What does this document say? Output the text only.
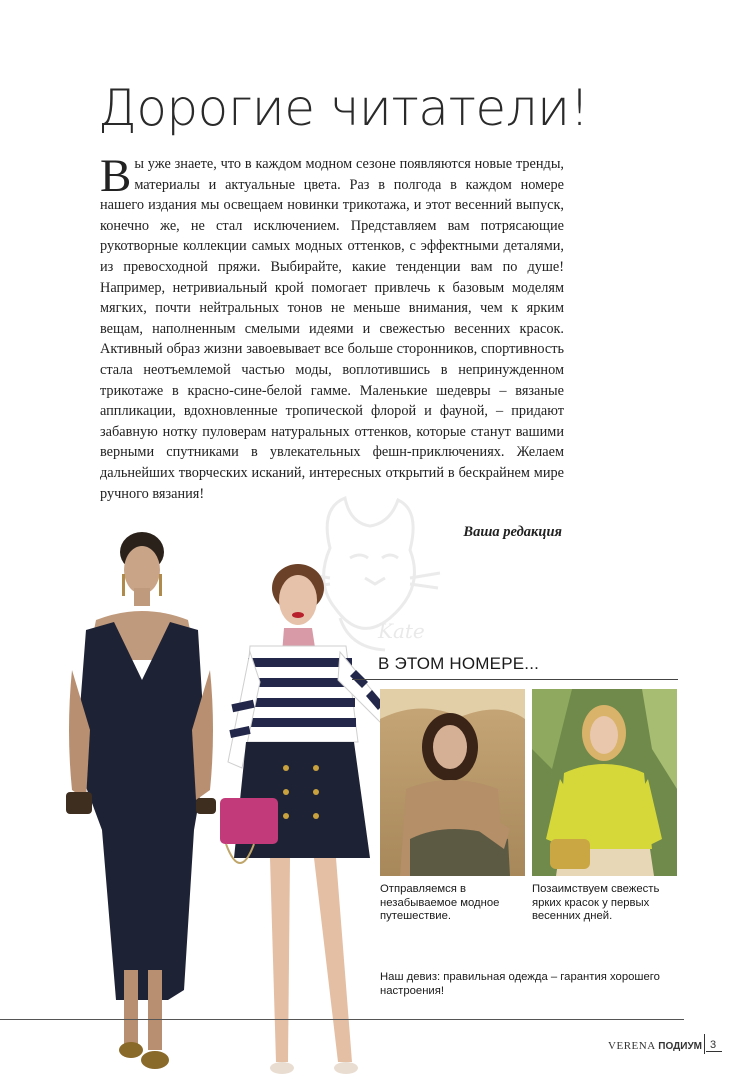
Дорогие читатели!

Вы уже знаете, что в каждом модном сезоне появляются новые тренды, материалы и актуальные цвета. Раз в полгода в каждом номере нашего издания мы освещаем новинки трикотажа, и этот весенний выпуск, конечно же, не стал исключением. Представляем вам потрясающие рукотворные коллекции самых модных оттенков, с эффектными деталями, из превосходной пряжи. Выбирайте, какие тенденции вам по душе! Например, нетривиальный крой помогает привлечь к базовым моделям мягких, почти нейтральных тонов не меньше внимания, чем к ярким вещам, наполненным смелыми идеями и свежестью весенних красок. Активный образ жизни завоевывает все больше сторонников, спортивность стала неотъемлемой частью моды, воплотившись в непринужденном трикотаже в красно-сине-белой гамме. Маленькие шедевры – вязаные аппликации, вдохновленные тропической флорой и фауной, – придают забавную нотку пуловерам натуральных оттенков, которые станут вашими верными спутниками в увлекательных фешн-приключениях. Желаем дальнейших творческих исканий, интересных открытий в бескрайнем мире ручного вязания!

Ваша редакция
Kate
В ЭТОМ НОМЕРЕ...
Отправляемся в незабываемое модное путешествие.
Позаимствуем свежесть ярких красок у первых весенних дней.
Наш девиз: правильная одежда – гарантия хорошего настроения!
VERENA ПОДИУМ 3
